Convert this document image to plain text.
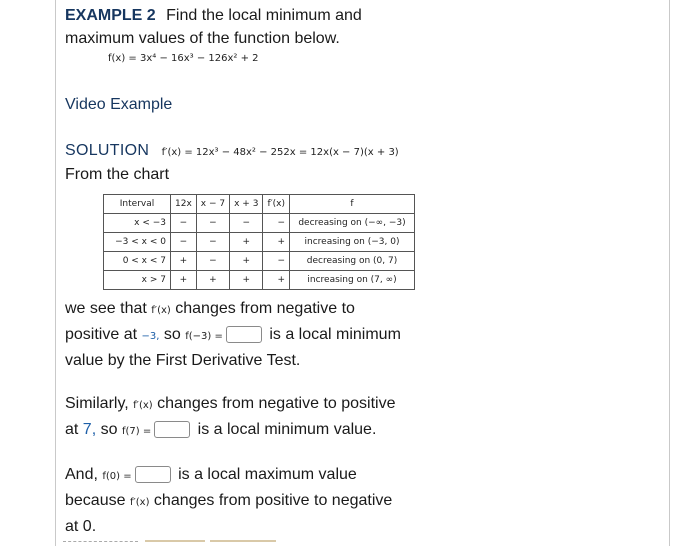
EXAMPLE 2 Find the local minimum and
maximum values of the function below.
f(x) = 3x⁴ − 16x³ − 126x² + 2
Video Example
SOLUTION f′(x) = 12x³ − 48x² − 252x = 12x(x − 7)(x + 3)
From the chart
Interval	12x	x − 7	x + 3	f′(x)	f
x < −3	−	−	−	−	decreasing on (−∞, −3)
−3 < x < 0	−	−	+	+	increasing on (−3, 0)
0 < x < 7	+	−	+	−	decreasing on (0, 7)
x > 7	+	+	+	+	increasing on (7, ∞)
we see that f′(x) changes from negative to
positive at −3, so f(−3) =	is a local minimum
value by the First Derivative Test.
Similarly, f′(x) changes from negative to positive
at 7, so f(7) =	is a local minimum value.
And, f(0) =	is a local maximum value
because f′(x) changes from positive to negative
at 0.
